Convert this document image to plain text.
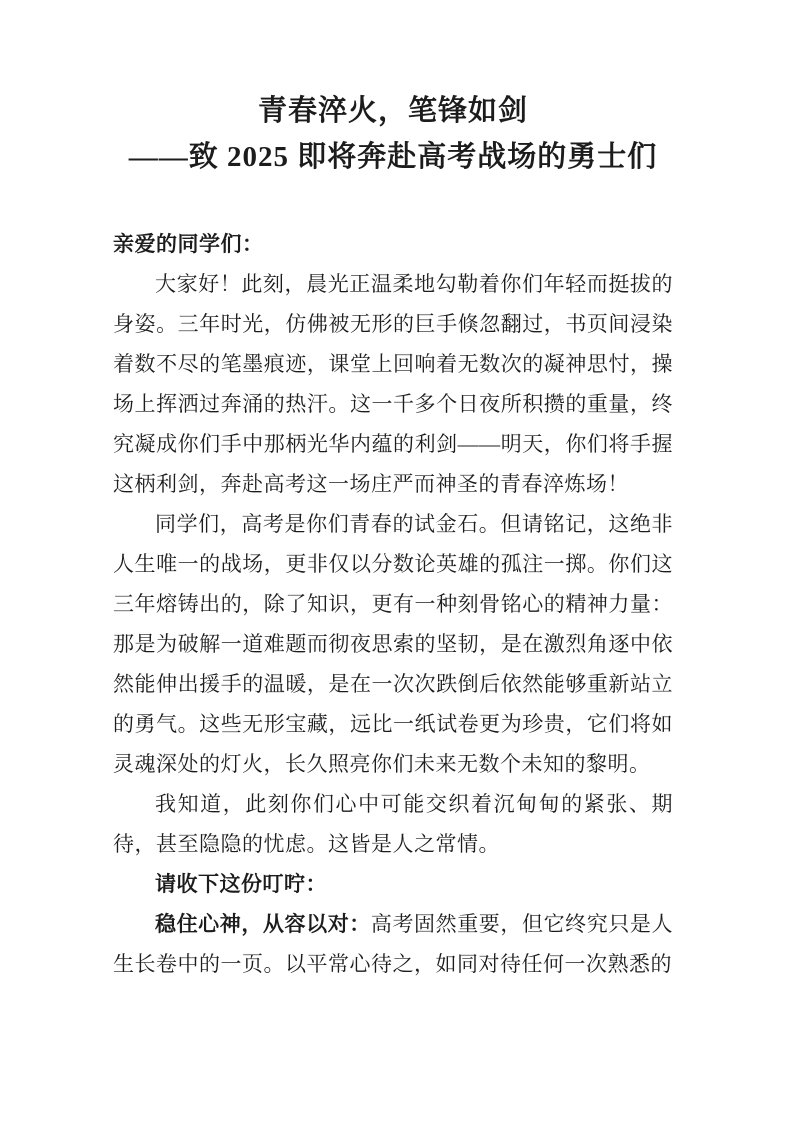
青春淬火，笔锋如剑
——致 2025 即将奔赴高考战场的勇士们

亲爱的同学们：

大家好！此刻，晨光正温柔地勾勒着你们年轻而挺拔的身姿。三年时光，仿佛被无形的巨手倏忽翻过，书页间浸染着数不尽的笔墨痕迹，课堂上回响着无数次的凝神思忖，操场上挥洒过奔涌的热汗。这一千多个日夜所积攒的重量，终究凝成你们手中那柄光华内蕴的利剑——明天，你们将手握这柄利剑，奔赴高考这一场庄严而神圣的青春淬炼场！

同学们，高考是你们青春的试金石。但请铭记，这绝非人生唯一的战场，更非仅以分数论英雄的孤注一掷。你们这三年熔铸出的，除了知识，更有一种刻骨铭心的精神力量：那是为破解一道难题而彻夜思索的坚韧，是在激烈角逐中依然能伸出援手的温暖，是在一次次跌倒后依然能够重新站立的勇气。这些无形宝藏，远比一纸试卷更为珍贵，它们将如灵魂深处的灯火，长久照亮你们未来无数个未知的黎明。

我知道，此刻你们心中可能交织着沉甸甸的紧张、期待，甚至隐隐的忧虑。这皆是人之常情。

请收下这份叮咛：

稳住心神，从容以对：高考固然重要，但它终究只是人生长卷中的一页。以平常心待之，如同对待任何一次熟悉的
